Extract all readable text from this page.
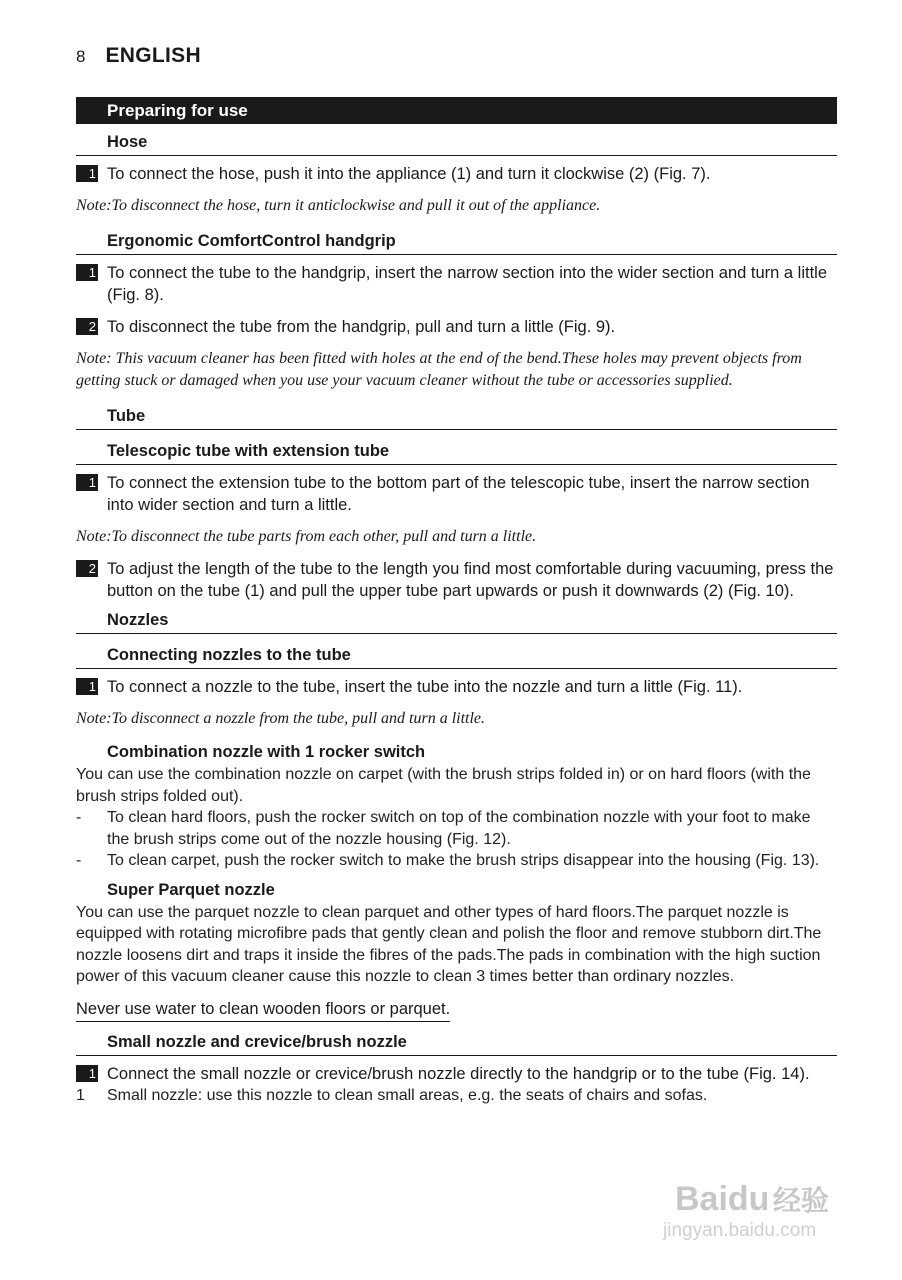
8 ENGLISH
Preparing for use
Hose
1 To connect the hose, push it into the appliance (1) and turn it clockwise (2) (Fig. 7).
Note:To disconnect the hose, turn it anticlockwise and pull it out of the appliance.
Ergonomic ComfortControl handgrip
1 To connect the tube to the handgrip, insert the narrow section into the wider section and turn a little (Fig. 8).
2 To disconnect the tube from the handgrip, pull and turn a little (Fig. 9).
Note: This vacuum cleaner has been fitted with holes at the end of the bend.These holes may prevent objects from getting stuck or damaged when you use your vacuum cleaner without the tube or accessories supplied.
Tube
Telescopic tube with extension tube
1 To connect the extension tube to the bottom part of the telescopic tube, insert the narrow section into wider section and turn a little.
Note:To disconnect the tube parts from each other, pull and turn a little.
2 To adjust the length of the tube to the length you find most comfortable during vacuuming, press the button on the tube (1) and pull the upper tube part upwards or push it downwards (2) (Fig. 10).
Nozzles
Connecting nozzles to the tube
1 To connect a nozzle to the tube, insert the tube into the nozzle and turn a little (Fig. 11).
Note:To disconnect a nozzle from the tube, pull and turn a little.
Combination nozzle with 1 rocker switch
You can use the combination nozzle on carpet (with the brush strips folded in) or on hard floors (with the brush strips folded out).
- To clean hard floors, push the rocker switch on top of the combination nozzle with your foot to make the brush strips come out of the nozzle housing (Fig. 12).
- To clean carpet, push the rocker switch to make the brush strips disappear into the housing (Fig. 13).
Super Parquet nozzle
You can use the parquet nozzle to clean parquet and other types of hard floors.The parquet nozzle is equipped with rotating microfibre pads that gently clean and polish the floor and remove stubborn dirt.The nozzle loosens dirt and traps it inside the fibres of the pads.The pads in combination with the high suction power of this vacuum cleaner cause this nozzle to clean 3 times better than ordinary nozzles.
Never use water to clean wooden floors or parquet.
Small nozzle and crevice/brush nozzle
1 Connect the small nozzle or crevice/brush nozzle directly to the handgrip or to the tube (Fig. 14).
1 Small nozzle: use this nozzle to clean small areas, e.g. the seats of chairs and sofas.
Baidu 经验
jingyan.baidu.com
